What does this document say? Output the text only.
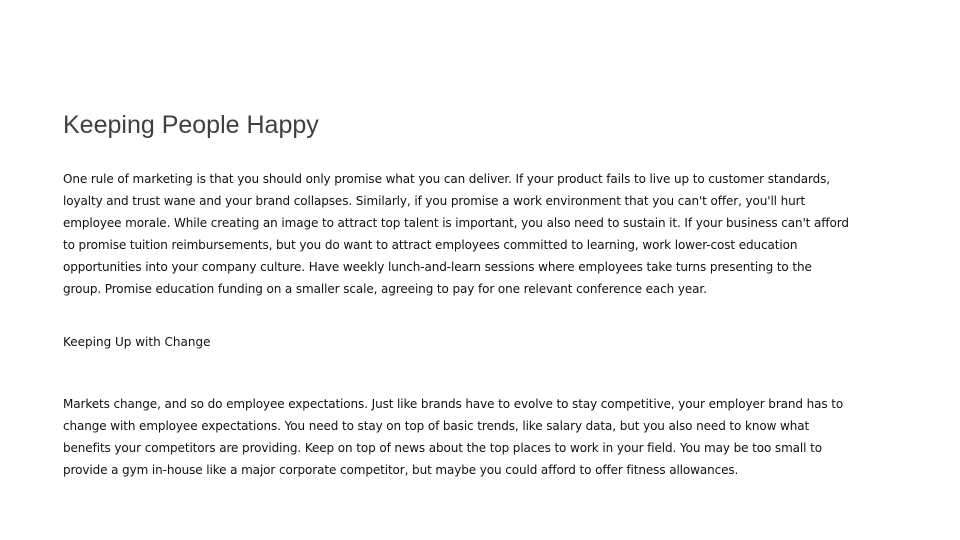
Keeping People Happy

One rule of marketing is that you should only promise what you can deliver. If your product fails to live up to customer standards, loyalty and trust wane and your brand collapses. Similarly, if you promise a work environment that you can't offer, you'll hurt employee morale. While creating an image to attract top talent is important, you also need to sustain it. If your business can't afford to promise tuition reimbursements, but you do want to attract employees committed to learning, work lower-cost education opportunities into your company culture. Have weekly lunch-and-learn sessions where employees take turns presenting to the group. Promise education funding on a smaller scale, agreeing to pay for one relevant conference each year.

Keeping Up with Change

Markets change, and so do employee expectations. Just like brands have to evolve to stay competitive, your employer brand has to change with employee expectations. You need to stay on top of basic trends, like salary data, but you also need to know what benefits your competitors are providing. Keep on top of news about the top places to work in your field. You may be too small to provide a gym in-house like a major corporate competitor, but maybe you could afford to offer fitness allowances.
